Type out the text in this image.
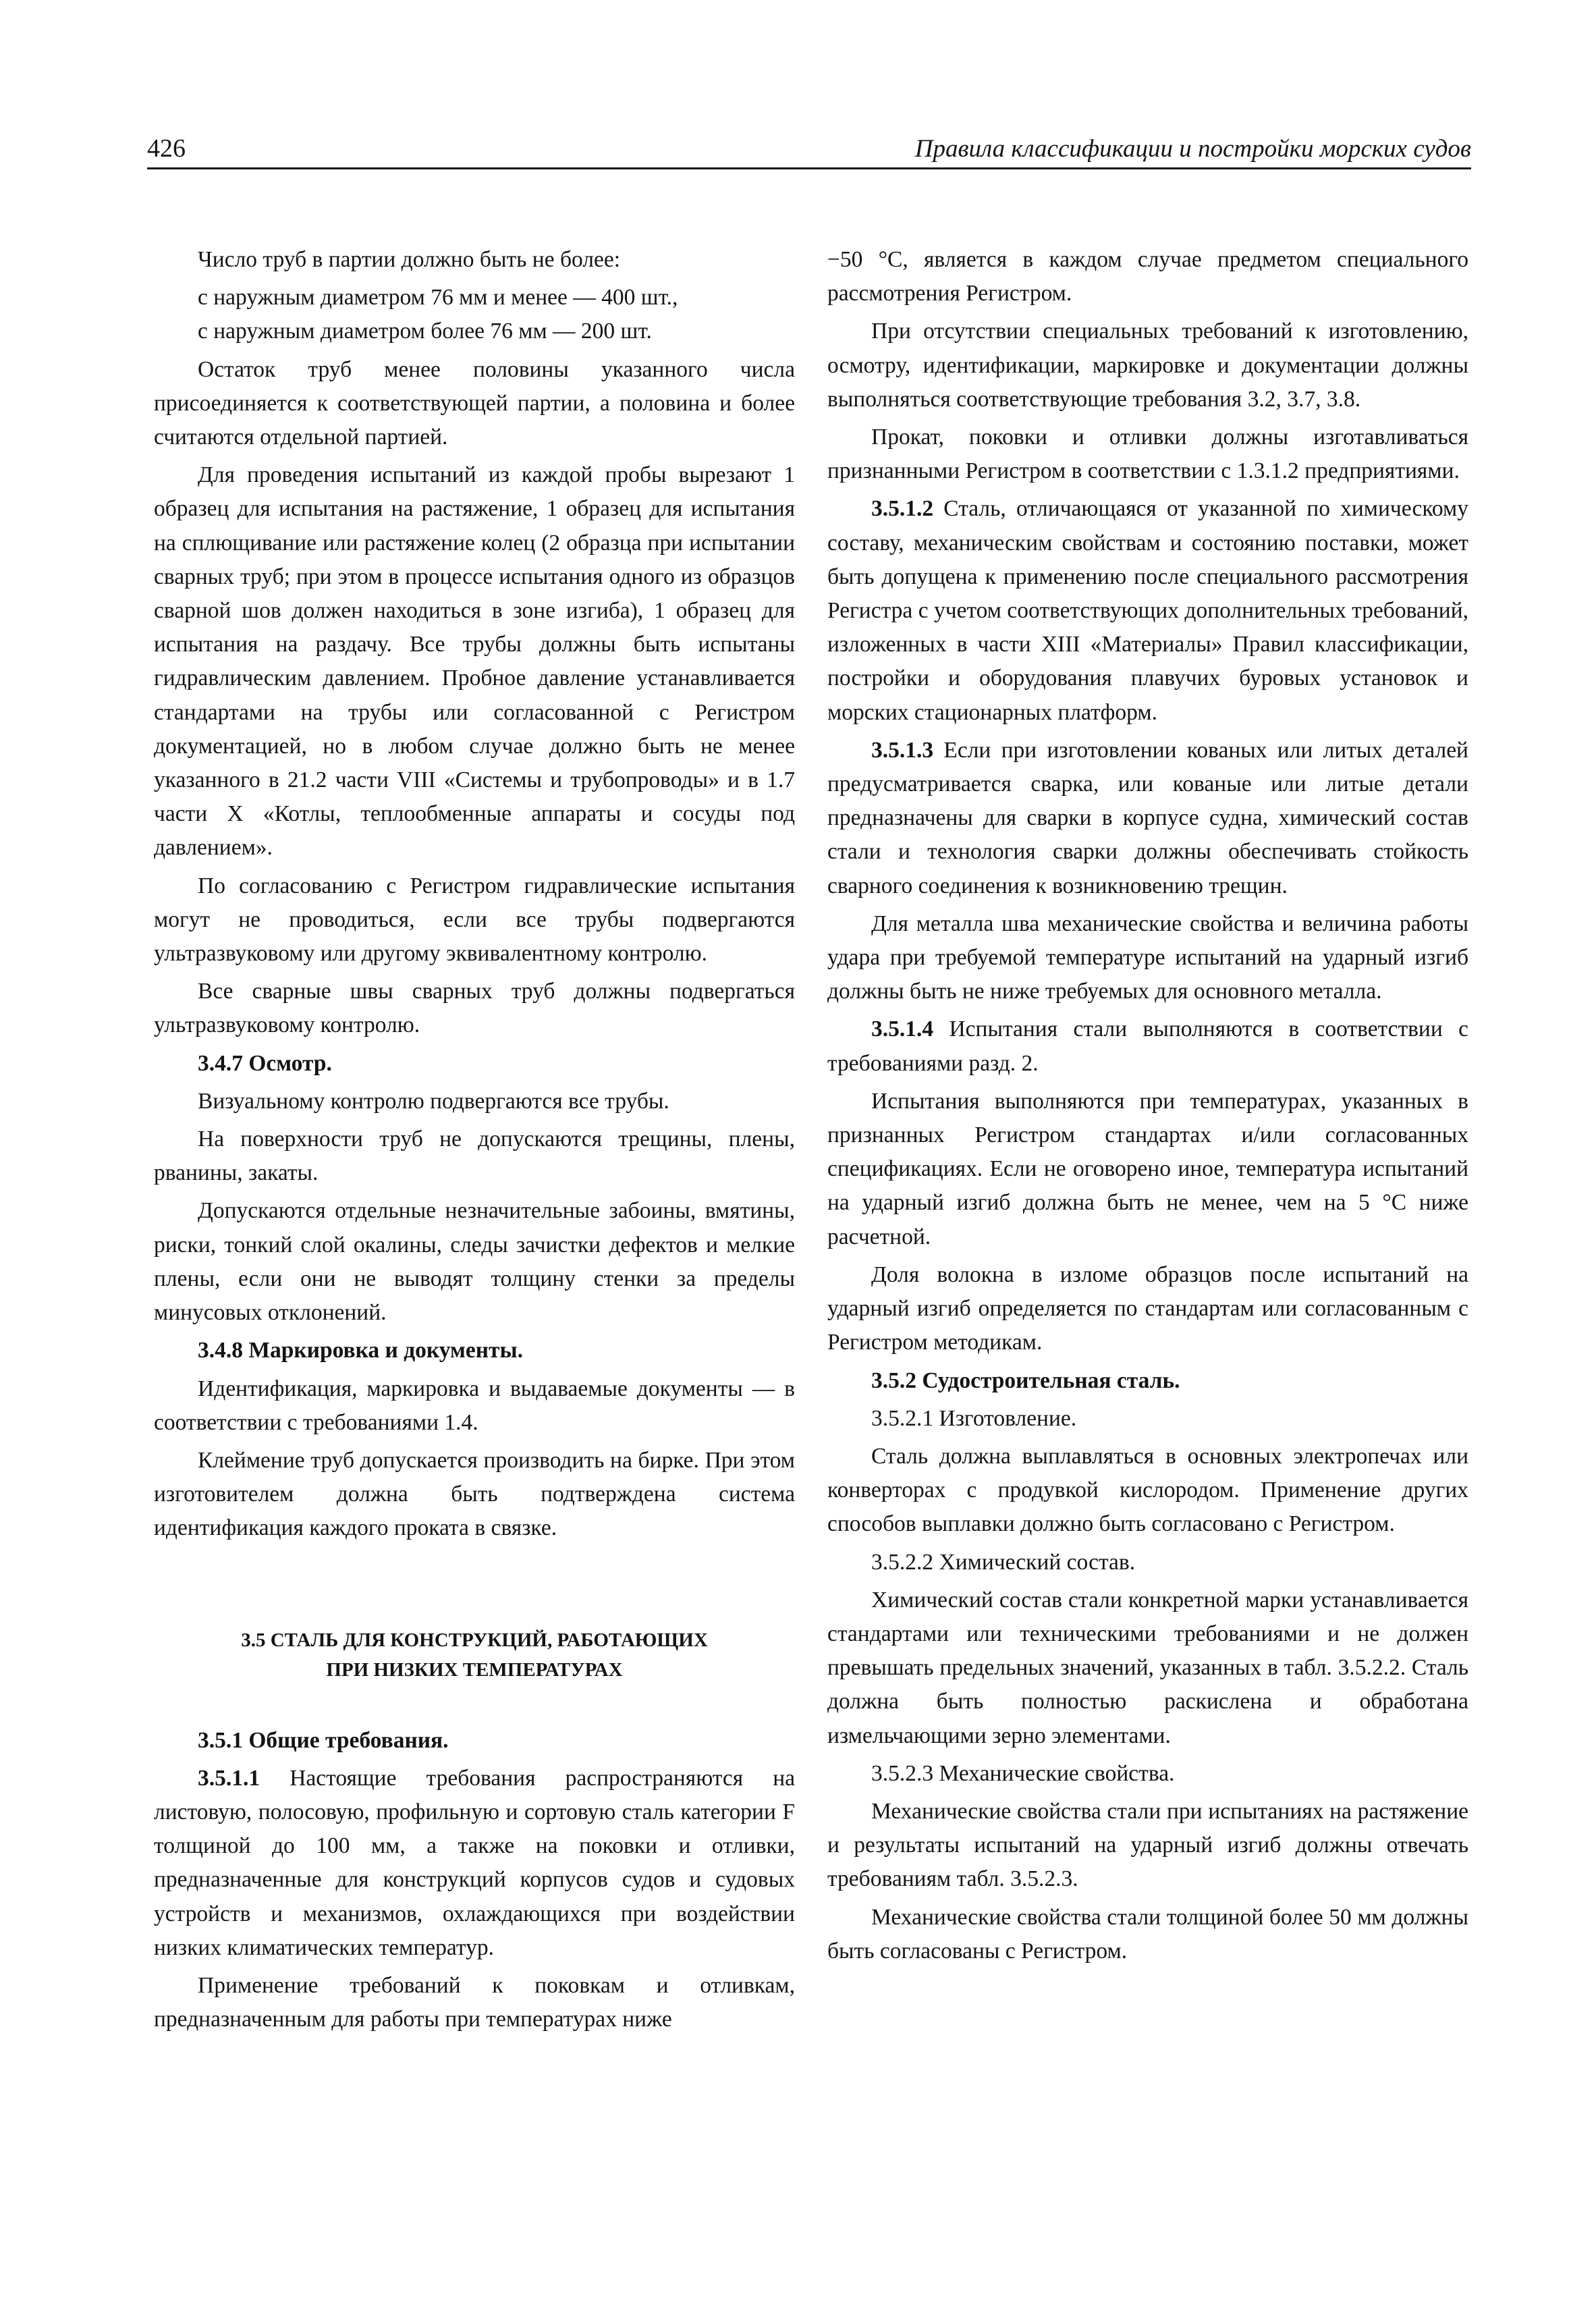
426	Правила классификации и постройки морских судов

Число труб в партии должно быть не более:

с наружным диаметром 76 мм и менее — 400 шт.,

с наружным диаметром более 76 мм — 200 шт.

Остаток труб менее половины указанного числа присоединяется к соответствующей партии, а половина и более считаются отдельной партией.

Для проведения испытаний из каждой пробы вырезают 1 образец для испытания на растяжение, 1 образец для испытания на сплющивание или растяжение колец (2 образца при испытании сварных труб; при этом в процессе испытания одного из образцов сварной шов должен находиться в зоне изгиба), 1 образец для испытания на раздачу. Все трубы должны быть испытаны гидравлическим давлением. Пробное давление устанавливается стандартами на трубы или согласованной с Регистром документацией, но в любом случае должно быть не менее указанного в 21.2 части VIII «Системы и трубопроводы» и в 1.7 части X «Котлы, теплообменные аппараты и сосуды под давлением».

По согласованию с Регистром гидравлические испытания могут не проводиться, если все трубы подвергаются ультразвуковому или другому эквивалентному контролю.

Все сварные швы сварных труб должны подвергаться ультразвуковому контролю.

3.4.7 Осмотр.

Визуальному контролю подвергаются все трубы.

На поверхности труб не допускаются трещины, плены, рванины, закаты.

Допускаются отдельные незначительные забоины, вмятины, риски, тонкий слой окалины, следы зачистки дефектов и мелкие плены, если они не выводят толщину стенки за пределы минусовых отклонений.

3.4.8 Маркировка и документы.

Идентификация, маркировка и выдаваемые документы — в соответствии с требованиями 1.4.

Клеймение труб допускается производить на бирке. При этом изготовителем должна быть подтверждена система идентификация каждого проката в связке.

3.5 СТАЛЬ ДЛЯ КОНСТРУКЦИЙ, РАБОТАЮЩИХ
ПРИ НИЗКИХ ТЕМПЕРАТУРАХ

3.5.1 Общие требования.

3.5.1.1 Настоящие требования распространяются на листовую, полосовую, профильную и сортовую сталь категории F толщиной до 100 мм, а также на поковки и отливки, предназначенные для конструкций корпусов судов и судовых устройств и механизмов, охлаждающихся при воздействии низких климатических температур.

Применение требований к поковкам и отливкам, предназначенным для работы при температурах ниже

−50 °C, является в каждом случае предметом специального рассмотрения Регистром.

При отсутствии специальных требований к изготовлению, осмотру, идентификации, маркировке и документации должны выполняться соответствующие требования 3.2, 3.7, 3.8.

Прокат, поковки и отливки должны изготавливаться признанными Регистром в соответствии с 1.3.1.2 предприятиями.

3.5.1.2 Сталь, отличающаяся от указанной по химическому составу, механическим свойствам и состоянию поставки, может быть допущена к применению после специального рассмотрения Регистра с учетом соответствующих дополнительных требований, изложенных в части XIII «Материалы» Правил классификации, постройки и оборудования плавучих буровых установок и морских стационарных платформ.

3.5.1.3 Если при изготовлении кованых или литых деталей предусматривается сварка, или кованые или литые детали предназначены для сварки в корпусе судна, химический состав стали и технология сварки должны обеспечивать стойкость сварного соединения к возникновению трещин.

Для металла шва механические свойства и величина работы удара при требуемой температуре испытаний на ударный изгиб должны быть не ниже требуемых для основного металла.

3.5.1.4 Испытания стали выполняются в соответствии с требованиями разд. 2.

Испытания выполняются при температурах, указанных в признанных Регистром стандартах и/или согласованных спецификациях. Если не оговорено иное, температура испытаний на ударный изгиб должна быть не менее, чем на 5 °C ниже расчетной.

Доля волокна в изломе образцов после испытаний на ударный изгиб определяется по стандартам или согласованным с Регистром методикам.

3.5.2 Судостроительная сталь.

3.5.2.1 Изготовление.

Сталь должна выплавляться в основных электропечах или конверторах с продувкой кислородом. Применение других способов выплавки должно быть согласовано с Регистром.

3.5.2.2 Химический состав.

Химический состав стали конкретной марки устанавливается стандартами или техническими требованиями и не должен превышать предельных значений, указанных в табл. 3.5.2.2. Сталь должна быть полностью раскислена и обработана измельчающими зерно элементами.

3.5.2.3 Механические свойства.

Механические свойства стали при испытаниях на растяжение и результаты испытаний на ударный изгиб должны отвечать требованиям табл. 3.5.2.3.

Механические свойства стали толщиной более 50 мм должны быть согласованы с Регистром.
